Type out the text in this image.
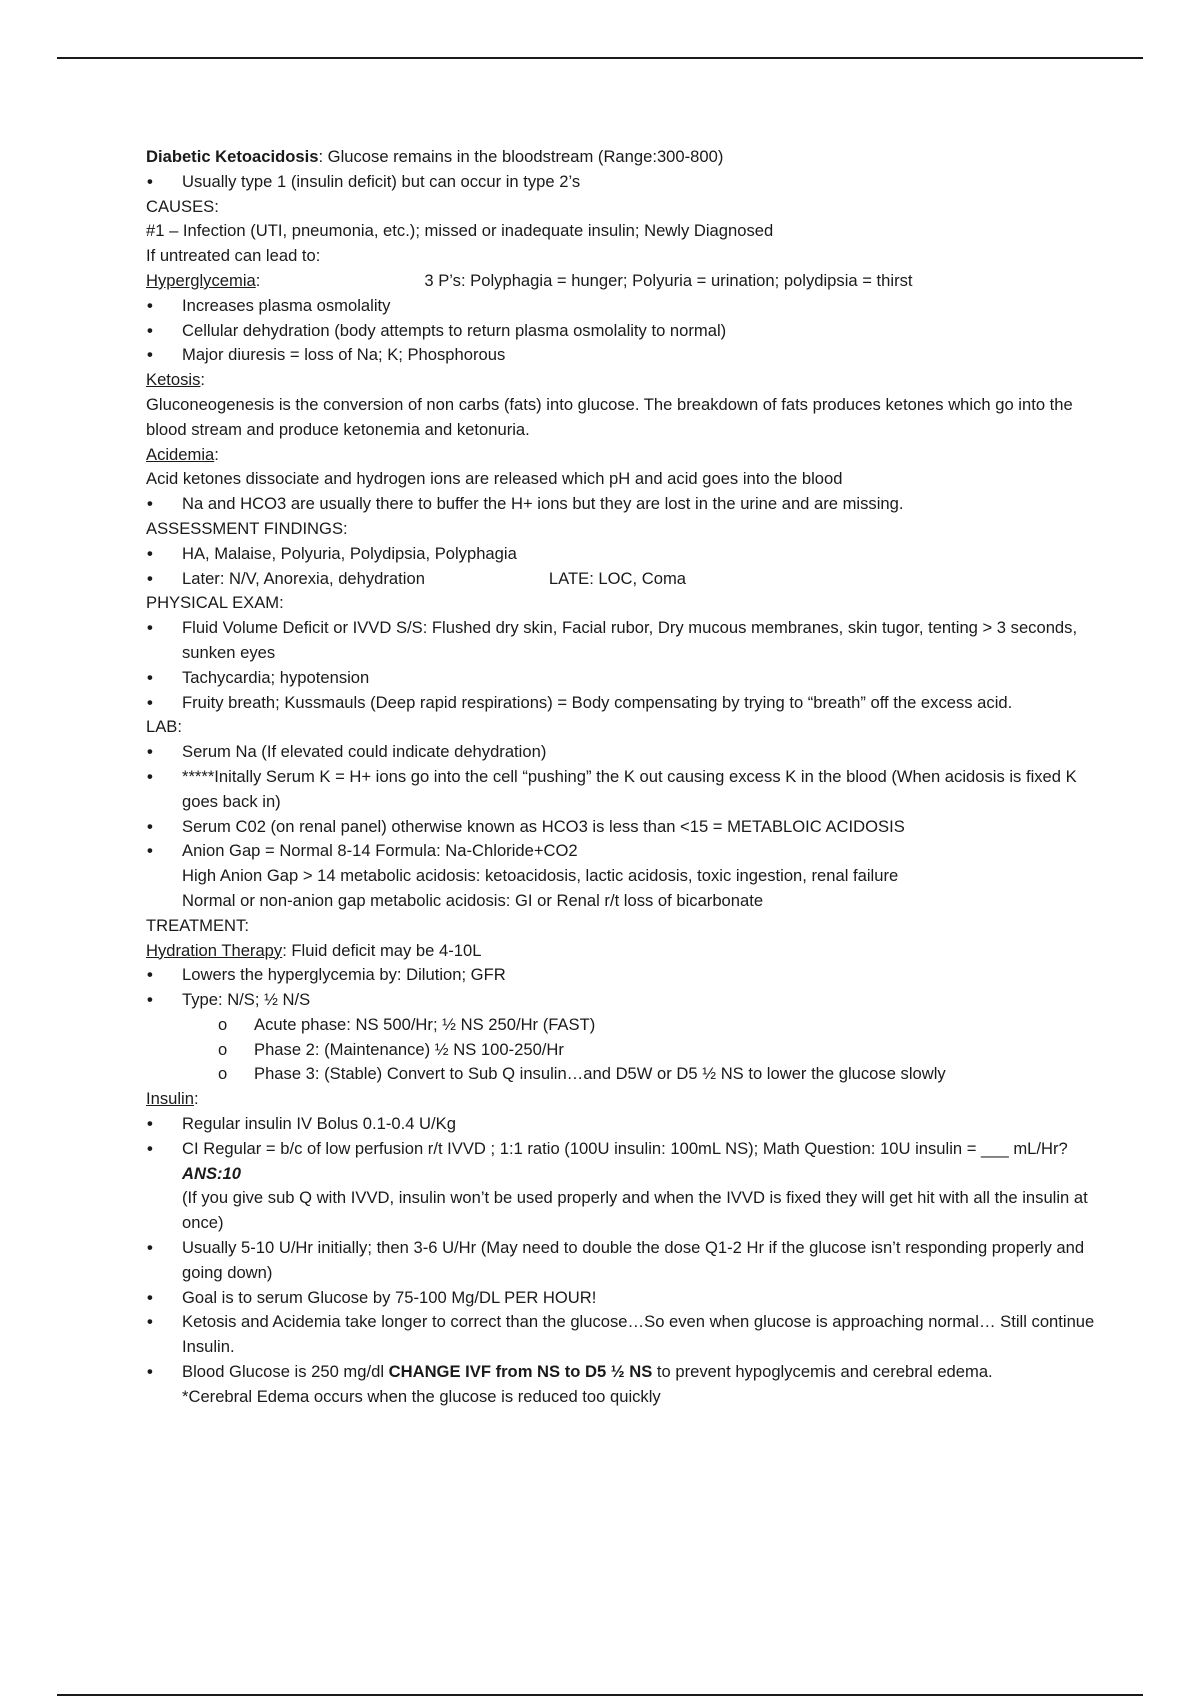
Diabetic Ketoacidosis: Glucose remains in the bloodstream (Range:300-800)
• Usually type 1 (insulin deficit) but can occur in type 2’s
CAUSES:
#1 – Infection (UTI, pneumonia, etc.); missed or inadequate insulin; Newly Diagnosed
If untreated can lead to:
Hyperglycemia:	3 P’s: Polyphagia = hunger; Polyuria = urination; polydipsia = thirst
• Increases plasma osmolality
• Cellular dehydration (body attempts to return plasma osmolality to normal)
• Major diuresis = loss of Na; K; Phosphorous
Ketosis:
Gluconeogenesis is the conversion of non carbs (fats) into glucose. The breakdown of fats produces ketones which go into the blood stream and produce ketonemia and ketonuria.
Acidemia:
Acid ketones dissociate and hydrogen ions are released which pH and acid goes into the blood
• Na and HCO3 are usually there to buffer the H+ ions but they are lost in the urine and are missing.
ASSESSMENT FINDINGS:
• HA, Malaise, Polyuria, Polydipsia, Polyphagia
• Later: N/V, Anorexia, dehydration	LATE: LOC, Coma
PHYSICAL EXAM:
• Fluid Volume Deficit or IVVD S/S: Flushed dry skin, Facial rubor, Dry mucous membranes, skin tugor, tenting > 3 seconds, sunken eyes
• Tachycardia; hypotension
• Fruity breath; Kussmauls (Deep rapid respirations) = Body compensating by trying to “breath” off the excess acid.
LAB:
• Serum Na (If elevated could indicate dehydration)
• *****Initally Serum K = H+ ions go into the cell “pushing” the K out causing excess K in the blood (When acidosis is fixed K goes back in)
• Serum C02 (on renal panel) otherwise known as HCO3 is less than <15 = METABLOIC ACIDOSIS
• Anion Gap = Normal 8-14 Formula: Na-Chloride+CO2
High Anion Gap > 14 metabolic acidosis: ketoacidosis, lactic acidosis, toxic ingestion, renal failure
Normal or non-anion gap metabolic acidosis: GI or Renal r/t loss of bicarbonate
TREATMENT:
Hydration Therapy: Fluid deficit may be 4-10L
• Lowers the hyperglycemia by: Dilution; GFR
• Type: N/S; ½ N/S
o Acute phase: NS 500/Hr; ½ NS 250/Hr (FAST)
o Phase 2: (Maintenance) ½ NS 100-250/Hr
o Phase 3: (Stable) Convert to Sub Q insulin…and D5W or D5 ½ NS to lower the glucose slowly
Insulin:
• Regular insulin IV Bolus 0.1-0.4 U/Kg
• CI Regular = b/c of low perfusion r/t IVVD ; 1:1 ratio (100U insulin: 100mL NS); Math Question: 10U insulin = ___ mL/Hr? ANS:10
(If you give sub Q with IVVD, insulin won’t be used properly and when the IVVD is fixed they will get hit with all the insulin at once)
• Usually 5-10 U/Hr initially; then 3-6 U/Hr (May need to double the dose Q1-2 Hr if the glucose isn’t responding properly and going down)
• Goal is to serum Glucose by 75-100 Mg/DL PER HOUR!
• Ketosis and Acidemia take longer to correct than the glucose…So even when glucose is approaching normal… Still continue Insulin.
• Blood Glucose is 250 mg/dl CHANGE IVF from NS to D5 ½ NS to prevent hypoglycemis and cerebral edema.
*Cerebral Edema occurs when the glucose is reduced too quickly
